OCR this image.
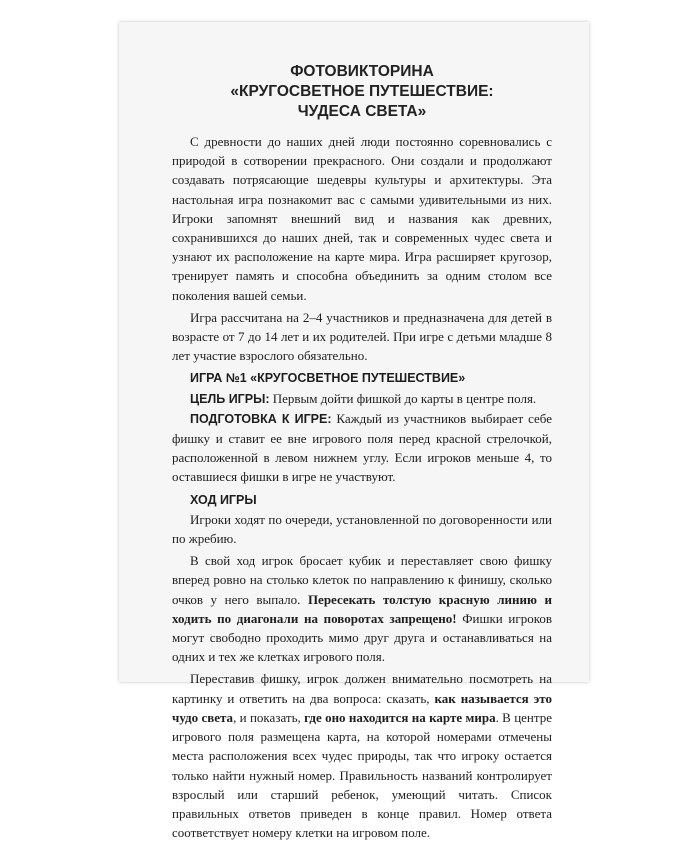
ФОТОВИКТОРИНА
«КРУГОСВЕТНОЕ ПУТЕШЕСТВИЕ:
ЧУДЕСА СВЕТА»

С древности до наших дней люди постоянно соревновались с природой в сотворении прекрасного. Они создали и продолжают создавать потрясающие шедевры культуры и архитектуры. Эта настольная игра познакомит вас с самыми удивительными из них. Игроки запомнят внешний вид и названия как древних, сохранившихся до наших дней, так и современных чудес света и узнают их расположение на карте мира. Игра расширяет кругозор, тренирует память и способна объединить за одним столом все поколения вашей семьи.

Игра рассчитана на 2–4 участников и предназначена для детей в возрасте от 7 до 14 лет и их родителей. При игре с детьми младше 8 лет участие взрослого обязательно.

ИГРА №1 «КРУГОСВЕТНОЕ ПУТЕШЕСТВИЕ»

ЦЕЛЬ ИГРЫ: Первым дойти фишкой до карты в центре поля.

ПОДГОТОВКА К ИГРЕ: Каждый из участников выбирает себе фишку и ставит ее вне игрового поля перед красной стрелочкой, расположенной в левом нижнем углу. Если игроков меньше 4, то оставшиеся фишки в игре не участвуют.

ХОД ИГРЫ

Игроки ходят по очереди, установленной по договоренности или по жребию.

В свой ход игрок бросает кубик и переставляет свою фишку вперед ровно на столько клеток по направлению к финишу, сколько очков у него выпало. Пересекать толстую красную линию и ходить по диагонали на поворотах запрещено! Фишки игроков могут свободно проходить мимо друг друга и останавливаться на одних и тех же клетках игрового поля.

Переставив фишку, игрок должен внимательно посмотреть на картинку и ответить на два вопроса: сказать, как называется это чудо света, и показать, где оно находится на карте мира. В центре игрового поля размещена карта, на которой номерами отмечены места расположения всех чудес природы, так что игроку остается только найти нужный номер. Правильность названий контролирует взрослый или старший ребенок, умеющий читать. Список правильных ответов приведен в конце правил. Номер ответа соответствует номеру клетки на игровом поле.
